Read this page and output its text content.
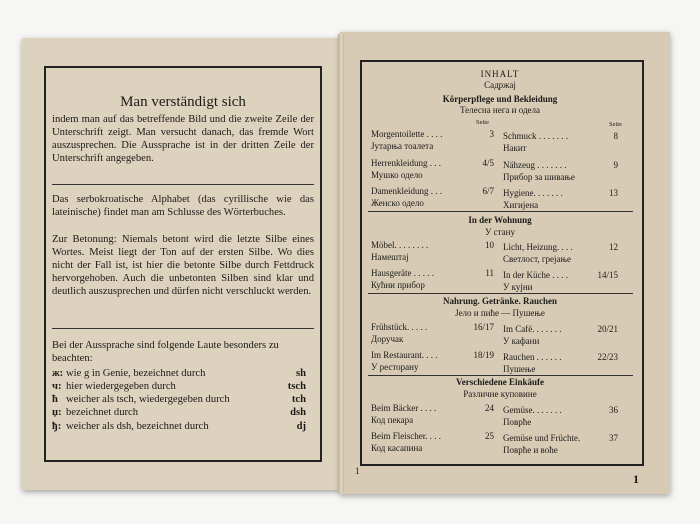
Man verständigt sich
indem man auf das betreffende Bild und die zweite Zeile der Unterschrift zeigt. Man versucht danach, das fremde Wort auszusprechen. Die Aussprache ist in der dritten Zeile der Unterschrift angegeben.
Das serbokroatische Alphabet (das cyrillische wie das lateinische) findet man am Schlusse des Wörterbuches.
Zur Betonung: Niemals betont wird die letzte Silbe eines Wortes. Meist liegt der Ton auf der ersten Silbe. Wo dies nicht der Fall ist, ist hier die betonte Silbe durch Fettdruck hervorgehoben. Auch die unbetonten Silben sind klar und deutlich auszusprechen und dürfen nicht verschluckt werden.
Bei der Aussprache sind folgende Laute besonders zu beachten:
ж: wie g in Genie, bezeichnet durch	sh
ч: hier wiedergegeben durch	tsch
ћ weicher als tsch, wiedergegeben durch	tch
џ: bezeichnet durch	dsh
ђ: weicher als dsh, bezeichnet durch	dj
INHALT
Садржај
Körperpflege und Bekleidung
Телесна нега и одела
Seite	Seite
Morgentoilette . . . .	3
Јутарња тоалета
Schmuck . . . . . . .	8
Накит
Herrenkleidung . . .	4/5
Мушко одело
Nähzeug . . . . . . .	9
Прибор за шивање
Damenkleidung . . .	6/7
Женско одело
Hygiene. . . . . . .	13
Хигијена
In der Wohnung
У стану
Möbel. . . . . . . .	10
Намештај
Licht, Heizung. . . .	12
Светлост, грејање
Hausgeräte . . . . .	11
Кућни прибор
In der Küche . . . .	14/15
У кујни
Nahrung. Getränke. Rauchen
Јело и пиће — Пушење
Frühstück. . . . .	16/17
Доручак
Im Café. . . . . . .	20/21
У кафани
Im Restaurant. . . .	18/19
У ресторану
Rauchen . . . . . .	22/23
Пушење
Verschiedene Einkäufe
Различне куповине
Beim Bäcker . . . .	24
Код пекара
Gemüse. . . . . . .	36
Поврће
Beim Fleischer. . . .	25
Код касапина
Gemüse und Früchte.	37
Поврће и воће
1
1
